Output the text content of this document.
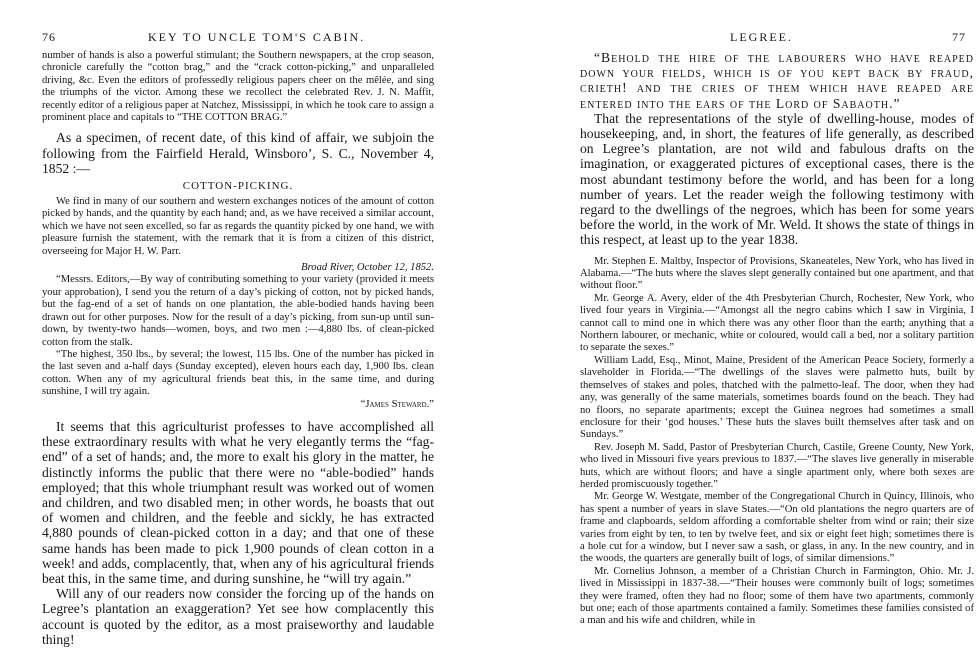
76	KEY TO UNCLE TOM'S CABIN.

number of hands is also a powerful stimulant; the Southern newspapers, at the crop season, chronicle carefully the “cotton brag,” and the “crack cotton-picking,” and unparalleled driving, &c. Even the editors of professedly religious papers cheer on the mêlée, and sing the triumphs of the victor. Among these we recollect the celebrated Rev. J. N. Maffit, recently editor of a religious paper at Natchez, Mississippi, in which he took care to assign a prominent place and capitals to “THE COTTON BRAG.”

As a specimen, of recent date, of this kind of affair, we subjoin the following from the Fairfield Herald, Winsboro’, S. C., November 4, 1852 :—

COTTON-PICKING.

We find in many of our southern and western exchanges notices of the amount of cotton picked by hands, and the quantity by each hand; and, as we have received a similar account, which we have not seen excelled, so far as regards the quantity picked by one hand, we with pleasure furnish the statement, with the remark that it is from a citizen of this district, overseeing for Major H. W. Parr.

Broad River, October 12, 1852.

“Messrs. Editors,—By way of contributing something to your variety (provided it meets your approbation), I send you the return of a day’s picking of cotton, not by picked hands, but the fag-end of a set of hands on one plantation, the able-bodied hands having been drawn out for other purposes. Now for the result of a day’s picking, from sun-up until sun-down, by twenty-two hands—women, boys, and two men :—4,880 lbs. of clean-picked cotton from the stalk.

“The highest, 350 lbs., by several; the lowest, 115 lbs. One of the number has picked in the last seven and a-half days (Sunday excepted), eleven hours each day, 1,900 lbs. clean cotton. When any of my agricultural friends beat this, in the same time, and during sunshine, I will try again.

“James Steward.”

It seems that this agriculturist professes to have accomplished all these extraordinary results with what he very elegantly terms the “fag-end” of a set of hands; and, the more to exalt his glory in the matter, he distinctly informs the public that there were no “able-bodied” hands employed; that this whole triumphant result was worked out of women and children, and two disabled men; in other words, he boasts that out of women and children, and the feeble and sickly, he has extracted 4,880 pounds of clean-picked cotton in a day; and that one of these same hands has been made to pick 1,900 pounds of clean cotton in a week! and adds, complacently, that, when any of his agricultural friends beat this, in the same time, and during sunshine, he “will try again.”

Will any of our readers now consider the forcing up of the hands on Legree’s plantation an exaggeration? Yet see how complacently this account is quoted by the editor, as a most praiseworthy and laudable thing!

LEGREE.	77

“Behold the hire of the labourers who have reaped down your fields, which is of you kept back by fraud, crieth! and the cries of them which have reaped are entered into the ears of the Lord of Sabaoth.”

That the representations of the style of dwelling-house, modes of housekeeping, and, in short, the features of life generally, as described on Legree’s plantation, are not wild and fabulous drafts on the imagination, or exaggerated pictures of exceptional cases, there is the most abundant testimony before the world, and has been for a long number of years. Let the reader weigh the following testimony with regard to the dwellings of the negroes, which has been for some years before the world, in the work of Mr. Weld. It shows the state of things in this respect, at least up to the year 1838.

Mr. Stephen E. Maltby, Inspector of Provisions, Skaneateles, New York, who has lived in Alabama.—“The huts where the slaves slept generally contained but one apartment, and that without floor.”

Mr. George A. Avery, elder of the 4th Presbyterian Church, Rochester, New York, who lived four years in Virginia.—“Amongst all the negro cabins which I saw in Virginia, I cannot call to mind one in which there was any other floor than the earth; anything that a Northern labourer, or mechanic, white or coloured, would call a bed, nor a solitary partition to separate the sexes.”

William Ladd, Esq., Minot, Maine, President of the American Peace Society, formerly a slaveholder in Florida.—“The dwellings of the slaves were palmetto huts, built by themselves of stakes and poles, thatched with the palmetto-leaf. The door, when they had any, was generally of the same materials, sometimes boards found on the beach. They had no floors, no separate apartments; except the Guinea negroes had sometimes a small enclosure for their ‘god houses.’ These huts the slaves built themselves after task and on Sundays.”

Rev. Joseph M. Sadd, Pastor of Presbyterian Church, Castile, Greene County, New York, who lived in Missouri five years previous to 1837.—“The slaves live generally in miserable huts, which are without floors; and have a single apartment only, where both sexes are herded promiscuously together.”

Mr. George W. Westgate, member of the Congregational Church in Quincy, Illinois, who has spent a number of years in slave States.—“On old plantations the negro quarters are of frame and clapboards, seldom affording a comfortable shelter from wind or rain; their size varies from eight by ten, to ten by twelve feet, and six or eight feet high; sometimes there is a hole cut for a window, but I never saw a sash, or glass, in any. In the new country, and in the woods, the quarters are generally built of logs, of similar dimensions.”

Mr. Cornelius Johnson, a member of a Christian Church in Farmington, Ohio. Mr. J. lived in Mississippi in 1837-38.—“Their houses were commonly built of logs; sometimes they were framed, often they had no floor; some of them have two apartments, commonly but one; each of those apartments contained a family. Sometimes these families consisted of a man and his wife and children, while in
